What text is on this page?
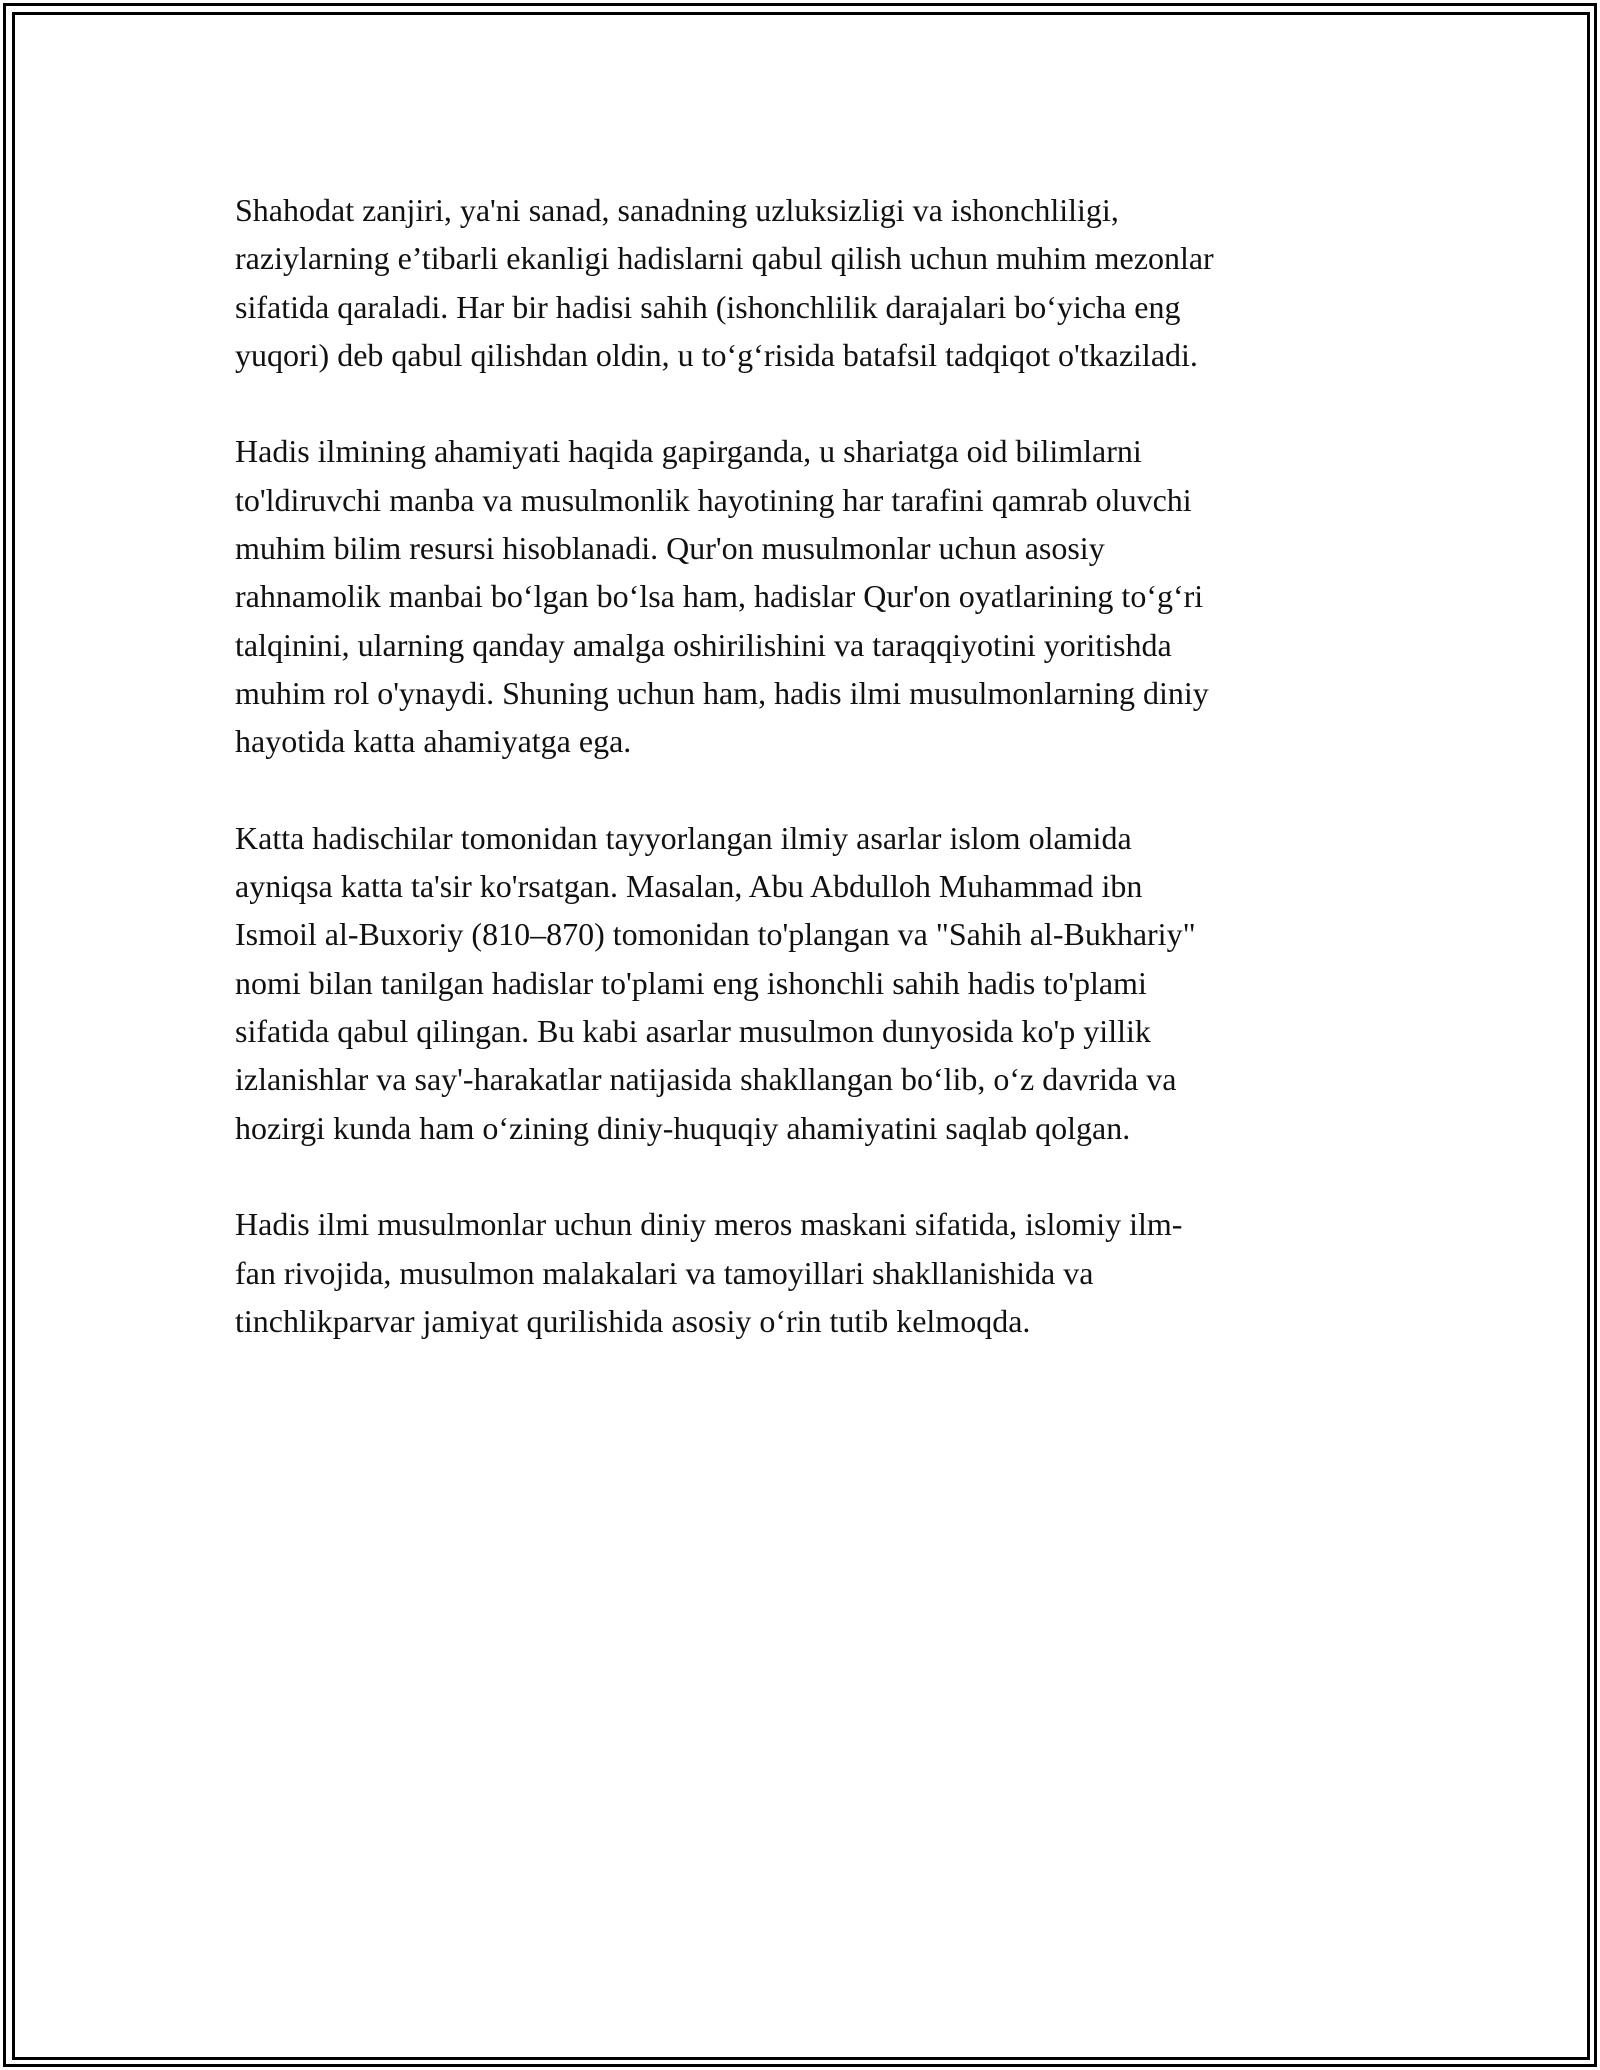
Shahodat zanjiri, ya'ni sanad, sanadning uzluksizligi va ishonchliligi,
raziylarning e’tibarli ekanligi hadislarni qabul qilish uchun muhim mezonlar
sifatida qaraladi. Har bir hadisi sahih (ishonchlilik darajalari bo‘yicha eng
yuqori) deb qabul qilishdan oldin, u to‘g‘risida batafsil tadqiqot o'tkaziladi.

Hadis ilmining ahamiyati haqida gapirganda, u shariatga oid bilimlarni
to'ldiruvchi manba va musulmonlik hayotining har tarafini qamrab oluvchi
muhim bilim resursi hisoblanadi. Qur'on musulmonlar uchun asosiy
rahnamolik manbai bo‘lgan bo‘lsa ham, hadislar Qur'on oyatlarining to‘g‘ri
talqinini, ularning qanday amalga oshirilishini va taraqqiyotini yoritishda
muhim rol o'ynaydi. Shuning uchun ham, hadis ilmi musulmonlarning diniy
hayotida katta ahamiyatga ega.

Katta hadischilar tomonidan tayyorlangan ilmiy asarlar islom olamida
ayniqsa katta ta'sir ko'rsatgan. Masalan, Abu Abdulloh Muhammad ibn
Ismoil al-Buxoriy (810–870) tomonidan to'plangan va "Sahih al-Bukhariy"
nomi bilan tanilgan hadislar to'plami eng ishonchli sahih hadis to'plami
sifatida qabul qilingan. Bu kabi asarlar musulmon dunyosida ko'p yillik
izlanishlar va say'-harakatlar natijasida shakllangan bo‘lib, o‘z davrida va
hozirgi kunda ham o‘zining diniy-huquqiy ahamiyatini saqlab qolgan.

Hadis ilmi musulmonlar uchun diniy meros maskani sifatida, islomiy ilm-
fan rivojida, musulmon malakalari va tamoyillari shakllanishida va
tinchlikparvar jamiyat qurilishida asosiy o‘rin tutib kelmoqda.
